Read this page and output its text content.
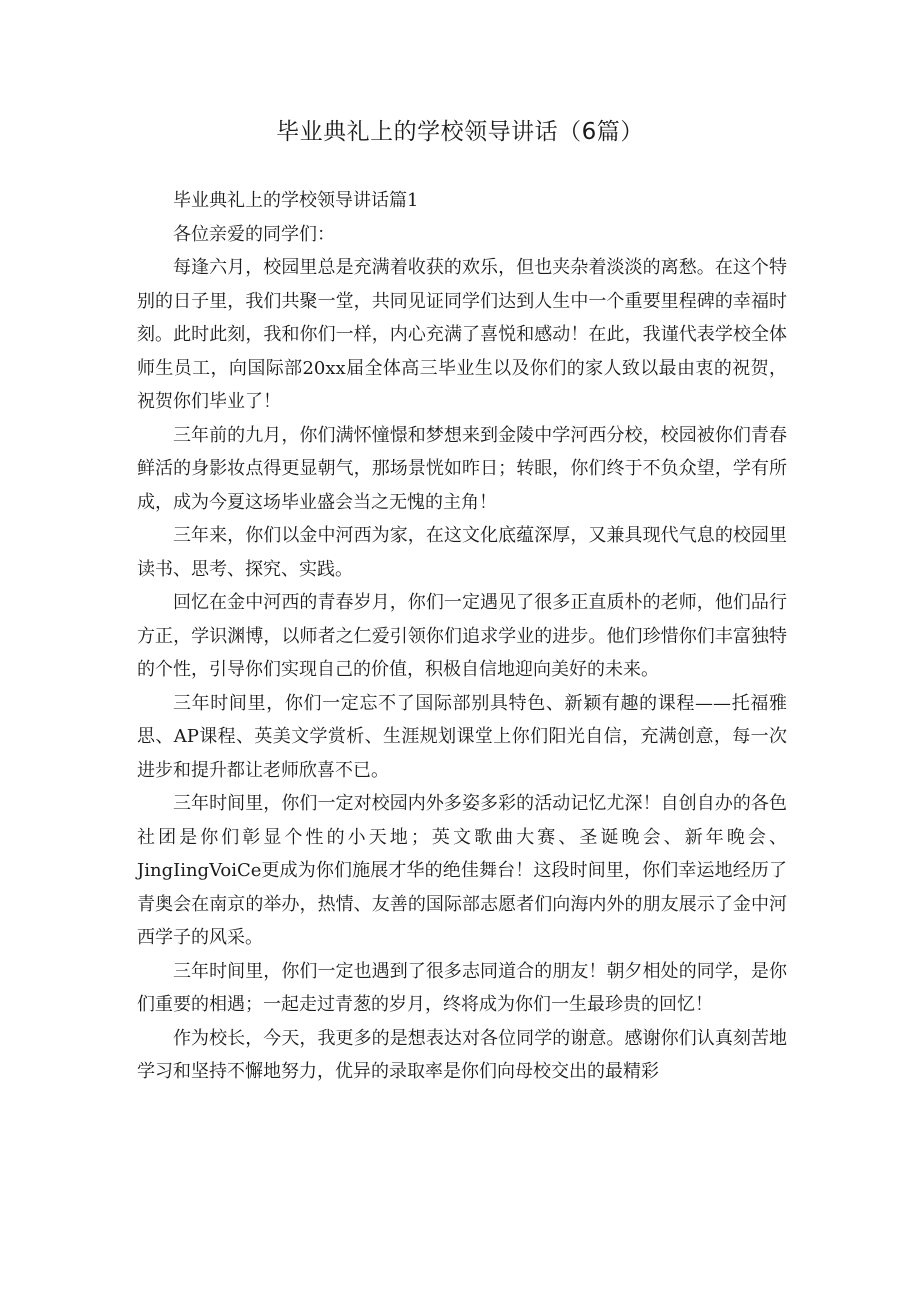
毕业典礼上的学校领导讲话（6篇）

毕业典礼上的学校领导讲话篇1

各位亲爱的同学们：

每逢六月，校园里总是充满着收获的欢乐，但也夹杂着淡淡的离愁。在这个特别的日子里，我们共聚一堂，共同见证同学们达到人生中一个重要里程碑的幸福时刻。此时此刻，我和你们一样，内心充满了喜悦和感动！在此，我谨代表学校全体师生员工，向国际部20xx届全体高三毕业生以及你们的家人致以最由衷的祝贺，祝贺你们毕业了！

三年前的九月，你们满怀憧憬和梦想来到金陵中学河西分校，校园被你们青春鲜活的身影妆点得更显朝气，那场景恍如昨日；转眼，你们终于不负众望，学有所成，成为今夏这场毕业盛会当之无愧的主角！

三年来，你们以金中河西为家，在这文化底蕴深厚，又兼具现代气息的校园里读书、思考、探究、实践。

回忆在金中河西的青春岁月，你们一定遇见了很多正直质朴的老师，他们品行方正，学识渊博，以师者之仁爱引领你们追求学业的进步。他们珍惜你们丰富独特的个性，引导你们实现自己的价值，积极自信地迎向美好的未来。

三年时间里，你们一定忘不了国际部别具特色、新颖有趣的课程——托福雅思、AP课程、英美文学赏析、生涯规划课堂上你们阳光自信，充满创意，每一次进步和提升都让老师欣喜不已。

三年时间里，你们一定对校园内外多姿多彩的活动记忆尤深！自创自办的各色社团是你们彰显个性的小天地；英文歌曲大赛、圣诞晚会、新年晚会、JingIingVoiCe更成为你们施展才华的绝佳舞台！这段时间里，你们幸运地经历了青奥会在南京的举办，热情、友善的国际部志愿者们向海内外的朋友展示了金中河西学子的风采。

三年时间里，你们一定也遇到了很多志同道合的朋友！朝夕相处的同学，是你们重要的相遇；一起走过青葱的岁月，终将成为你们一生最珍贵的回忆！

作为校长，今天，我更多的是想表达对各位同学的谢意。感谢你们认真刻苦地学习和坚持不懈地努力，优异的录取率是你们向母校交出的最精彩
